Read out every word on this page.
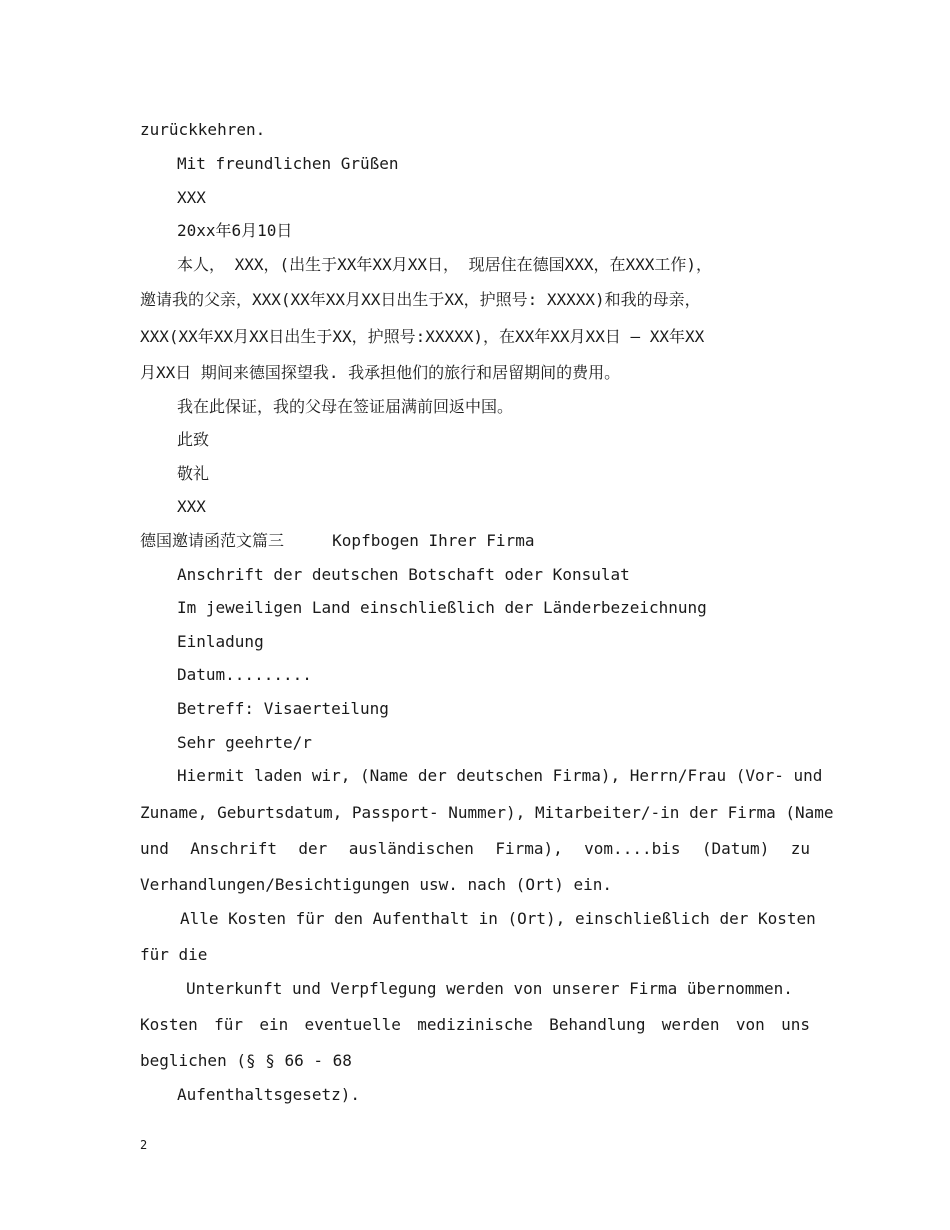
zurückkehren.
Mit freundlichen Grüßen
XXX
20xx年6月10日
本人， XXX，(出生于XX年XX月XX日， 现居住在德国XXX，在XXX工作)，
邀请我的父亲，XXX(XX年XX月XX日出生于XX，护照号: XXXXX)和我的母亲，
XXX(XX年XX月XX日出生于XX，护照号:XXXXX)，在XX年XX月XX日 — XX年XX
月XX日 期间来德国探望我. 我承担他们的旅行和居留期间的费用。
我在此保证，我的父母在签证届满前回返中国。
此致
敬礼
XXX
德国邀请函范文篇三     Kopfbogen Ihrer Firma
Anschrift der deutschen Botschaft oder Konsulat
Im jeweiligen Land einschließlich der Länderbezeichnung
Einladung
Datum.........
Betreff: Visaerteilung
Sehr geehrte/r
Hiermit laden wir, (Name der deutschen Firma), Herrn/Frau (Vor- und
Zuname, Geburtsdatum, Passport- Nummer), Mitarbeiter/-in der Firma (Name
und Anschrift der ausländischen Firma), vom....bis (Datum) zu
Verhandlungen/Besichtigungen usw. nach (Ort) ein.
Alle Kosten für den Aufenthalt in (Ort), einschließlich der Kosten
für die
Unterkunft und Verpflegung werden von unserer Firma übernommen.
Kosten für ein eventuelle medizinische Behandlung werden von uns
beglichen (§ § 66 - 68
Aufenthaltsgesetz).
2
